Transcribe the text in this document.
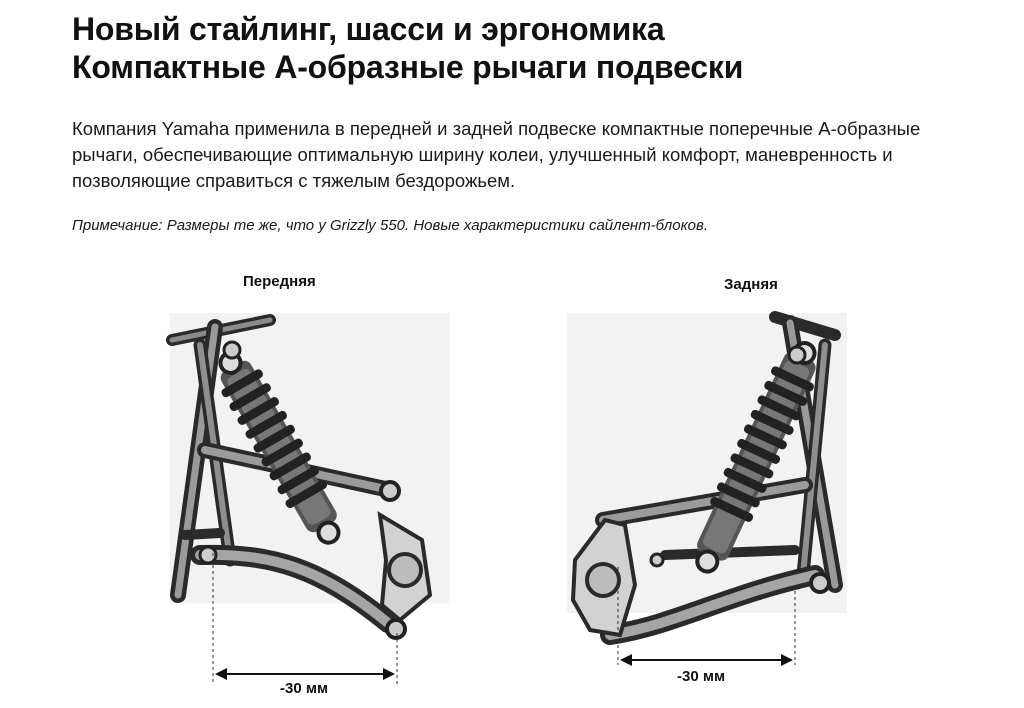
Новый стайлинг, шасси и эргономика
Компактные А-образные рычаги подвески

Компания Yamaha применила в передней и задней подвеске компактные поперечные А-образные рычаги, обеспечивающие оптимальную ширину колеи, улучшенный комфорт, маневренность и позволяющие справиться с тяжелым бездорожьем.

Примечание: Размеры те же, что у Grizzly 550. Новые характеристики сайлент-блоков.

Передняя	Задняя
-30 мм
-30 мм
